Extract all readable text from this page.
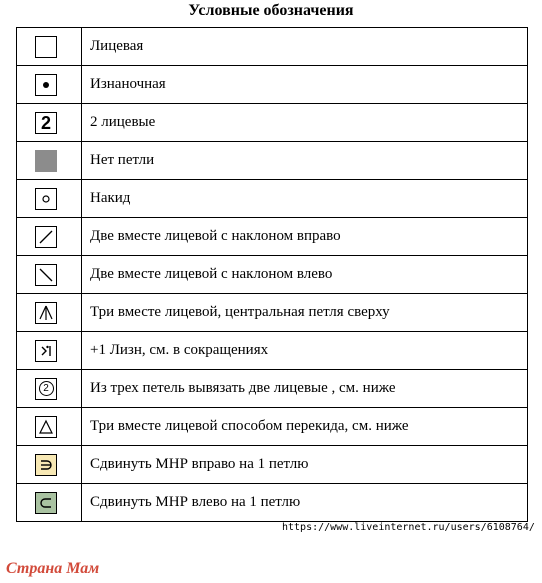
Условные обозначения
	Лицевая

	Изнаночная

2	2 лицевые

	Нет петли

	Накид

	Две вместе лицевой с наклоном вправо

	Две вместе лицевой с наклоном влево

	Три вместе лицевой, центральная петля сверху

	+1 Лизн, см. в сокращениях

2	Из трех петель вывязать две лицевые , см. ниже

	Три вместе лицевой способом перекида, см. ниже

	Сдвинуть МНР вправо на 1 петлю

	Сдвинуть МНР влево на 1 петлю
https://www.liveinternet.ru/users/6108764/
Страна Мам
